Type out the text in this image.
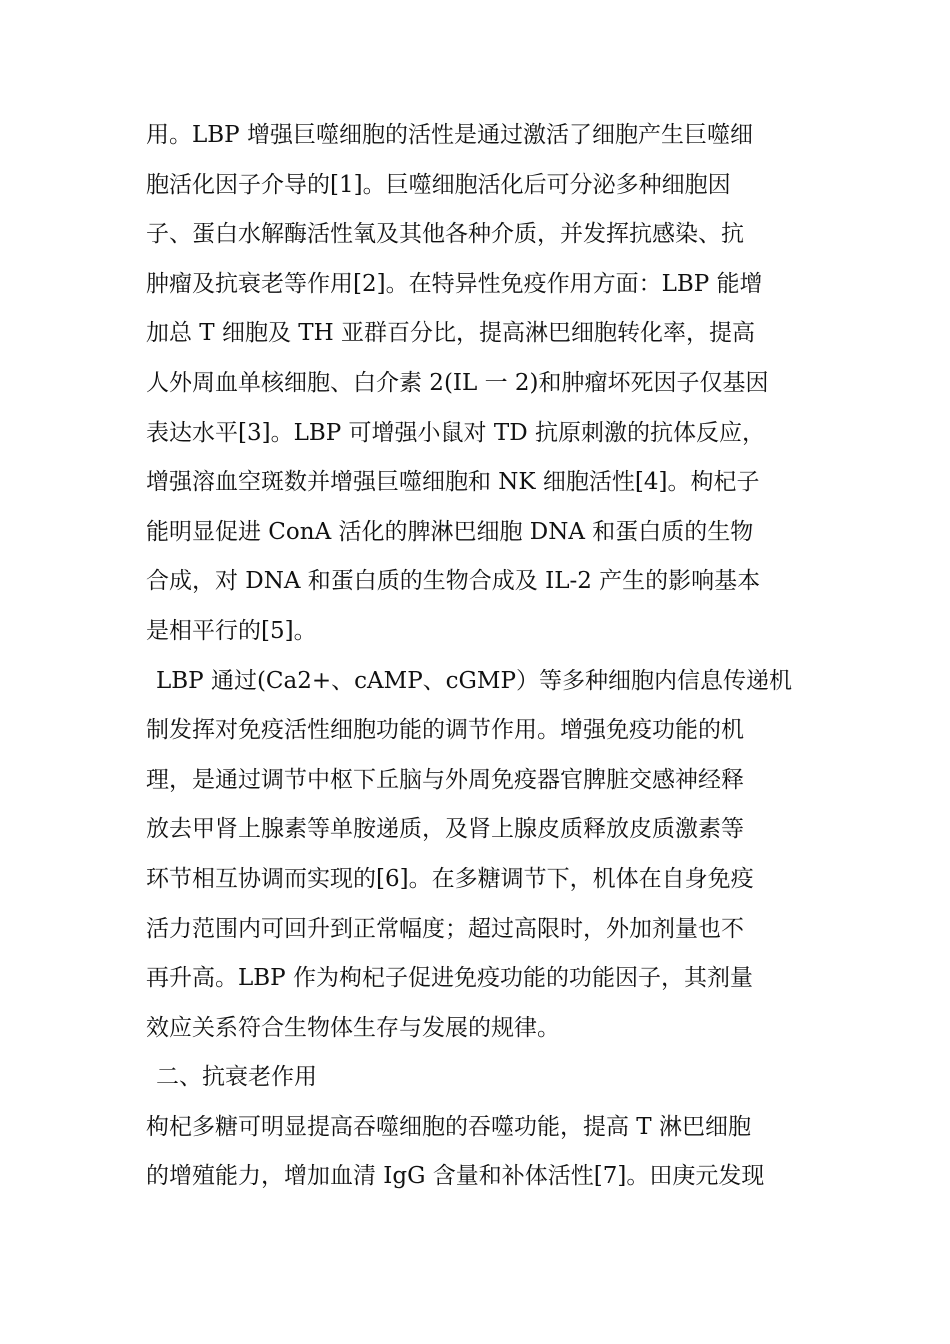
用。LBP 增强巨噬细胞的活性是通过激活了细胞产生巨噬细
胞活化因子介导的[1]。巨噬细胞活化后可分泌多种细胞因
子、蛋白水解酶活性氧及其他各种介质，并发挥抗感染、抗
肿瘤及抗衰老等作用[2]。在特异性免疫作用方面：LBP 能增
加总 T 细胞及 TH 亚群百分比，提高淋巴细胞转化率，提高
人外周血单核细胞、白介素 2(IL 一 2)和肿瘤坏死因子仅基因
表达水平[3]。LBP 可增强小鼠对 TD 抗原刺激的抗体反应，
增强溶血空斑数并增强巨噬细胞和 NK 细胞活性[4]。枸杞子
能明显促进 ConA 活化的脾淋巴细胞 DNA 和蛋白质的生物
合成，对 DNA 和蛋白质的生物合成及 IL-2 产生的影响基本
是相平行的[5]。
LBP 通过(Ca2+、cAMP、cGMP）等多种细胞内信息传递机
制发挥对免疫活性细胞功能的调节作用。增强免疫功能的机
理，是通过调节中枢下丘脑与外周免疫器官脾脏交感神经释
放去甲肾上腺素等单胺递质，及肾上腺皮质释放皮质激素等
环节相互协调而实现的[6]。在多糖调节下，机体在自身免疫
活力范围内可回升到正常幅度；超过高限时，外加剂量也不
再升高。LBP 作为枸杞子促进免疫功能的功能因子，其剂量
效应关系符合生物体生存与发展的规律。
二、抗衰老作用
枸杞多糖可明显提高吞噬细胞的吞噬功能，提高 T 淋巴细胞
的增殖能力，增加血清 IgG 含量和补体活性[7]。田庚元发现
